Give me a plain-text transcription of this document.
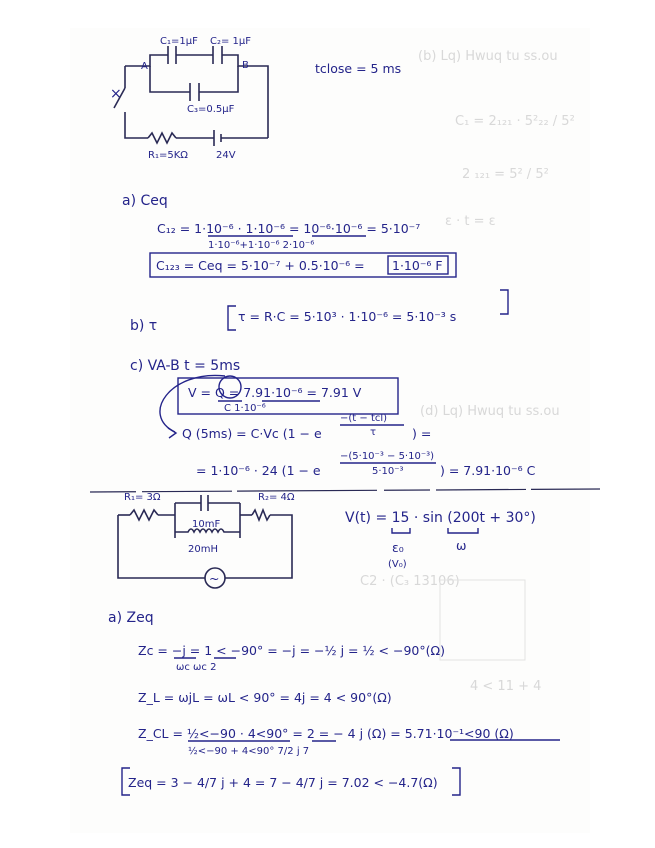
(b) Lq) Hwuq tu ss.ou
C₁ = 2₁₂₁ · 5²₂₂ / 5²
2 ₁₂₁ = 5² / 5²
ε · t = ε
(d) Lq) Hwuq tu ss.ou
C2 · (C₃ 13106)
4 < 11 + 4
C₁=1μF C₂= 1μF
C₃=0.5μF
A	B
×
R₁=5KΩ	24V
tclose = 5 ms
a) Ceq
C₁₂ = 1·10⁻⁶ · 1·10⁻⁶ = 10⁻⁶·10⁻⁶ = 5·10⁻⁷
1·10⁻⁶+1·10⁻⁶ 2·10⁻⁶
C₁₂₃ = Ceq = 5·10⁻⁷ + 0.5·10⁻⁶ = 1·10⁻⁶ F
b) τ
τ = R·C = 5·10³ · 1·10⁻⁶ = 5·10⁻³ s
c) VA-B t = 5ms
V = Q = 7.91·10⁻⁶ = 7.91 V
C 1·10⁻⁶
Q (5ms) = C·Vc (1 − e
−(t − tcl)
τ	) =
= 1·10⁻⁶ · 24 (1 − e
−(5·10⁻³ − 5·10⁻³)
5·10⁻³	) = 7.91·10⁻⁶ C
~
R₁= 3Ω
10mF
20mH
R₂= 4Ω
V(t) = 15 · sin (200t + 30°)
ε₀
(V₀)
ω
a) Zeq
Zc = −j = 1 < −90° = −j = −½ j = ½ < −90°(Ω)
ωc ωc 2
Z_L = ωjL = ωL < 90° = 4j = 4 < 90°(Ω)
Z_CL = ½<−90 · 4<90° = 2 = − 4 j (Ω) = 5.71·10⁻¹<90 (Ω)
½<−90 + 4<90° 7/2 j 7
Zeq = 3 − 4/7 j + 4 = 7 − 4/7 j = 7.02 < −4.7(Ω)
